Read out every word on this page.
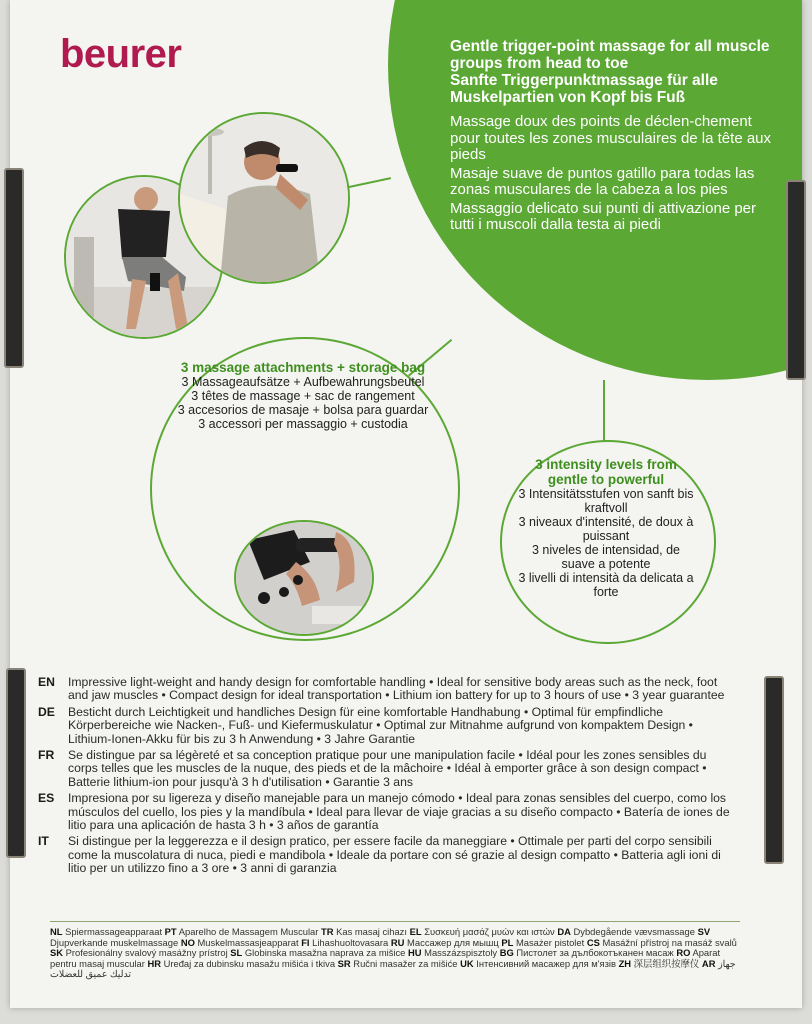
beurer	Gentle trigger-point massage for all muscle groups from head to toe

Sanfte Triggerpunktmassage für alle Muskelpartien von Kopf bis Fuß

Massage doux des points de déclen-chement pour toutes les zones musculaires de la tête aux pieds

Masaje suave de puntos gatillo para todas las zonas musculares de la cabeza a los pies

Massaggio delicato sui punti di attivazione per tutti i muscoli dalla testa ai piedi

3 massage attachments + storage bag
3 Massageaufsätze + Aufbewahrungsbeutel
3 têtes de massage + sac de rangement
3 accesorios de masaje + bolsa para guardar
3 accessori per massaggio + custodia
3 intensity levels from gentle to powerful
3 Intensitätsstufen von sanft bis kraftvoll
3 niveaux d'intensité, de doux à puissant
3 niveles de intensidad, de suave a potente
3 livelli di intensità da delicata a forte
EN Impressive light-weight and handy design for comfortable handling • Ideal for sensitive body areas such as the neck, foot and jaw muscles • Compact design for ideal transportation • Lithium ion battery for up to 3 hours of use • 3 year guarantee
DE Besticht durch Leichtigkeit und handliches Design für eine komfortable Handhabung • Optimal für empfindliche Körperbereiche wie Nacken-, Fuß- und Kiefermuskulatur • Optimal zur Mitnahme aufgrund von kompaktem Design • Lithium-Ionen-Akku für bis zu 3 h Anwendung • 3 Jahre Garantie
FR Se distingue par sa légèreté et sa conception pratique pour une manipulation facile • Idéal pour les zones sensibles du corps telles que les muscles de la nuque, des pieds et de la mâchoire • Idéal à emporter grâce à son design compact • Batterie lithium-ion pour jusqu'à 3 h d'utilisation • Garantie 3 ans
ES Impresiona por su ligereza y diseño manejable para un manejo cómodo • Ideal para zonas sensibles del cuerpo, como los músculos del cuello, los pies y la mandíbula • Ideal para llevar de viaje gracias a su diseño compacto • Batería de iones de litio para una aplicación de hasta 3 h • 3 años de garantía
IT Si distingue per la leggerezza e il design pratico, per essere facile da maneggiare • Ottimale per parti del corpo sensibili come la muscolatura di nuca, piedi e mandibola • Ideale da portare con sé grazie al design compatto • Batteria agli ioni di litio per un utilizzo fino a 3 ore • 3 anni di garanzia
NL Spiermassageapparaat PT Aparelho de Massagem Muscular TR Kas masaj cihazı EL Συσκευή μασάζ μυών και ιστών DA Dybdegående vævsmassage SV Djupverkande muskelmassage NO Muskelmassasjeapparat FI Lihashuoltovasara RU Массажер для мышц PL Masażer pistolet CS Masážní přístroj na masáž svalů SK Profesionálny svalový masážny prístroj SL Globinska masažna naprava za mišice HU Masszázspisztoly BG Пистолет за дълбокотъканен масаж RO Aparat pentru masaj muscular HR Uređaj za dubinsku masažu mišića i tkiva SR Ručni masažer za mišiće UK Інтенсивний масажер для м'язів ZH 深层组织按摩仪 AR جهاز تدليك عميق للعضلات
